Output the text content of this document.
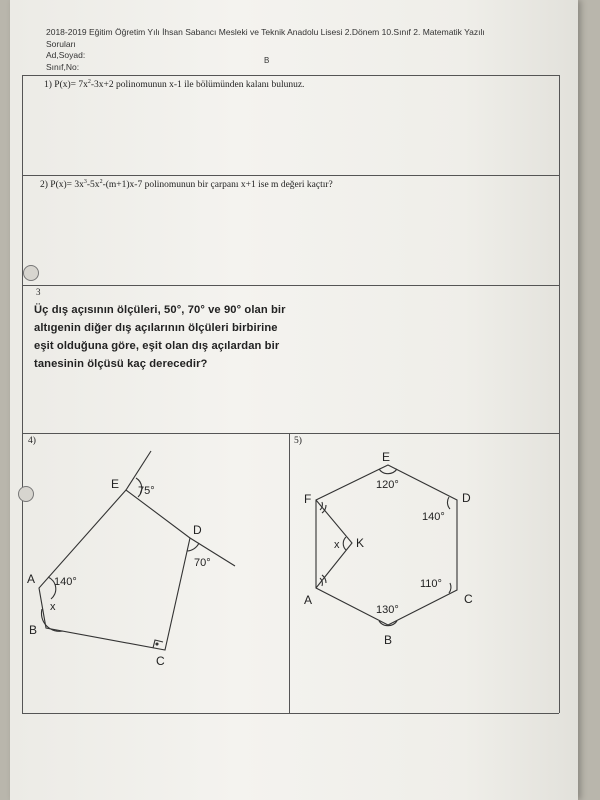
2018-2019 Eğitim Öğretim Yılı İhsan Sabancı Mesleki ve Teknik Anadolu Lisesi 2.Dönem 10.Sınıf 2. Matematik Yazılı
Soruları
Ad,Soyad:
Sınıf,No:
B
1) $P(x)= 7x^2-3x+2$ polinomunun x-1 ile bölümünden kalanı bulunuz.
2) $P(x)= 3x^3-5x^2-(m+1)x-7$ polinomunun bir çarpanı x+1 ise m değeri kaçtır?
3
Üç dış açısının ölçüleri, 50°, 70° ve 90° olan bir
altıgenin diğer dış açılarının ölçüleri birbirine
eşit olduğuna göre, eşit olan dış açılardan bir
tanesinin ölçüsü kaç derecedir?
4)	5)
E 75°
D
70°
A 140°
x
B
C
E
120°
D
140°
F
x K
110°
C
A
130°
B
